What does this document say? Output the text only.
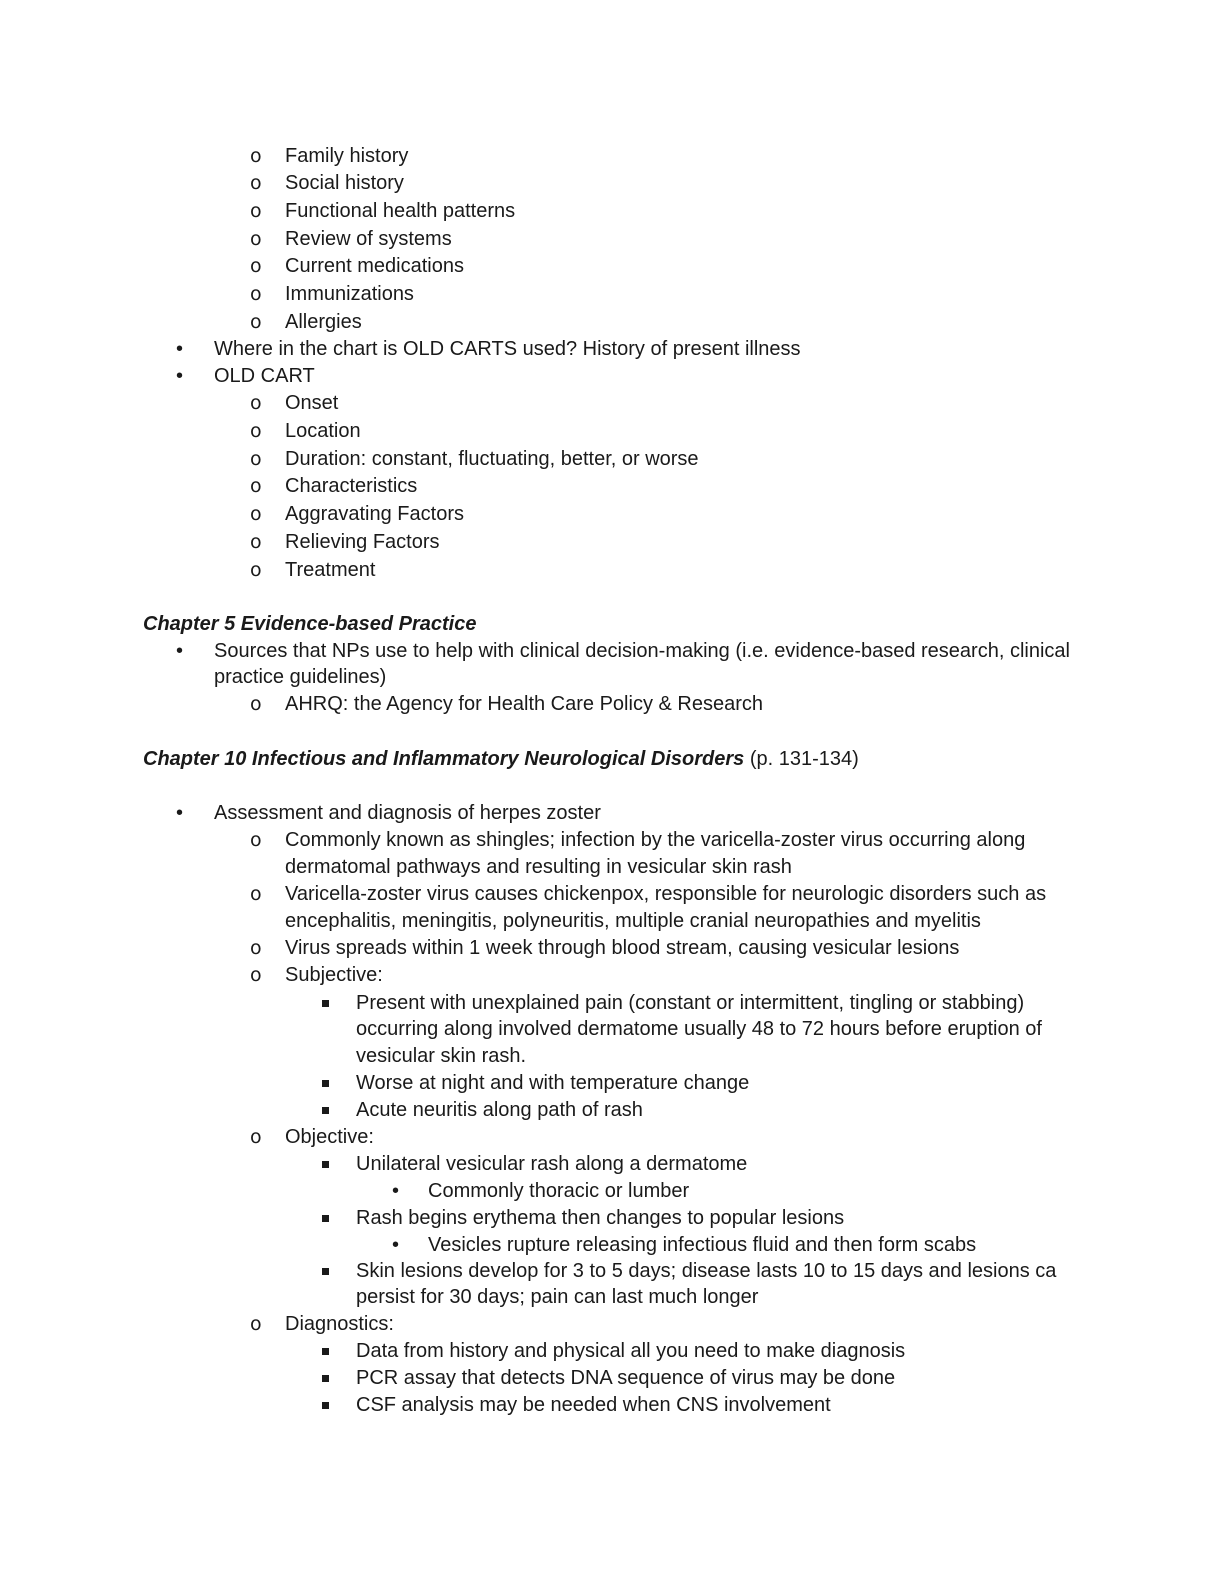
o Family history
o Social history
o Functional health patterns
o Review of systems
o Current medications
o Immunizations
o Allergies
• Where in the chart is OLD CARTS used? History of present illness
• OLD CART
o Onset
o Location
o Duration: constant, fluctuating, better, or worse
o Characteristics
o Aggravating Factors
o Relieving Factors
o Treatment
Chapter 5 Evidence-based Practice
• Sources that NPs use to help with clinical decision-making (i.e. evidence-based research, clinical
practice guidelines)
o AHRQ: the Agency for Health Care Policy & Research
Chapter 10 Infectious and Inflammatory Neurological Disorders (p. 131-134)
• Assessment and diagnosis of herpes zoster
o Commonly known as shingles; infection by the varicella-zoster virus occurring along
dermatomal pathways and resulting in vesicular skin rash
o Varicella-zoster virus causes chickenpox, responsible for neurologic disorders such as
encephalitis, meningitis, polyneuritis, multiple cranial neuropathies and myelitis
o Virus spreads within 1 week through blood stream, causing vesicular lesions
o Subjective:
Present with unexplained pain (constant or intermittent, tingling or stabbing)
occurring along involved dermatome usually 48 to 72 hours before eruption of
vesicular skin rash.
Worse at night and with temperature change
Acute neuritis along path of rash
o Objective:
Unilateral vesicular rash along a dermatome
• Commonly thoracic or lumber
Rash begins erythema then changes to popular lesions
• Vesicles rupture releasing infectious fluid and then form scabs
Skin lesions develop for 3 to 5 days; disease lasts 10 to 15 days and lesions ca
persist for 30 days; pain can last much longer
o Diagnostics:
Data from history and physical all you need to make diagnosis
PCR assay that detects DNA sequence of virus may be done
CSF analysis may be needed when CNS involvement
